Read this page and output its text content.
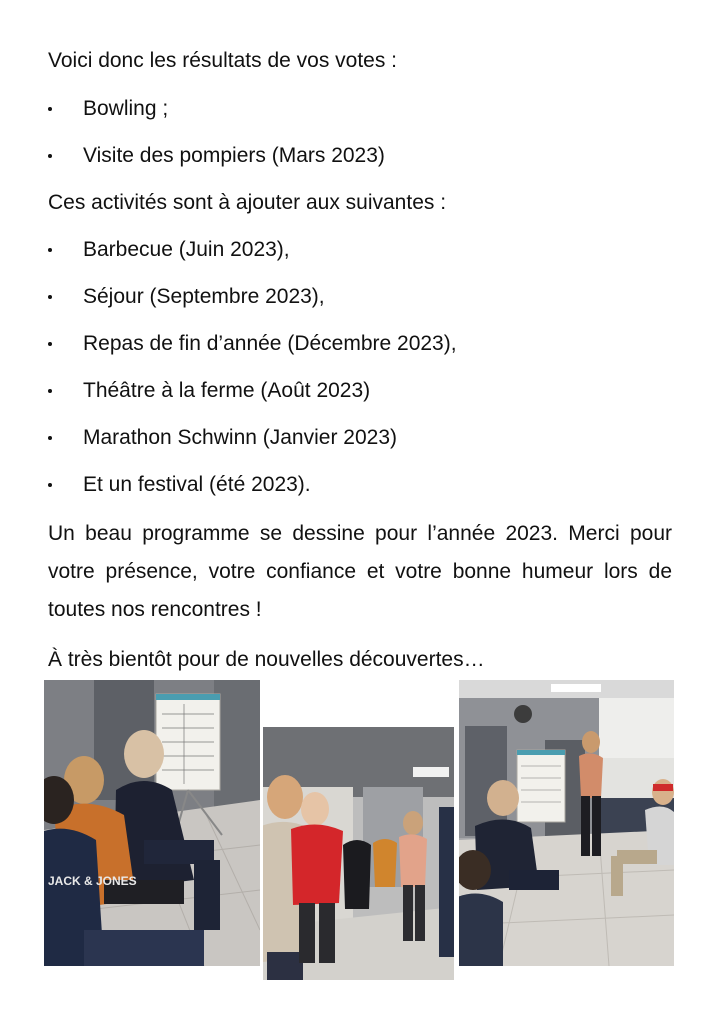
Voici donc les résultats de vos votes :

Bowling ;
Visite des pompiers (Mars 2023)

Ces activités sont à ajouter aux suivantes :

Barbecue (Juin 2023),
Séjour (Septembre 2023),
Repas de fin d’année (Décembre 2023),
Théâtre à la ferme (Août 2023)
Marathon Schwinn (Janvier 2023)
Et un festival (été 2023).

Un beau programme se dessine pour l’année 2023. Merci pour votre présence, votre confiance et votre bonne humeur lors de toutes nos rencontres !

À très bientôt pour de nouvelles découvertes…

JACK & JONES
